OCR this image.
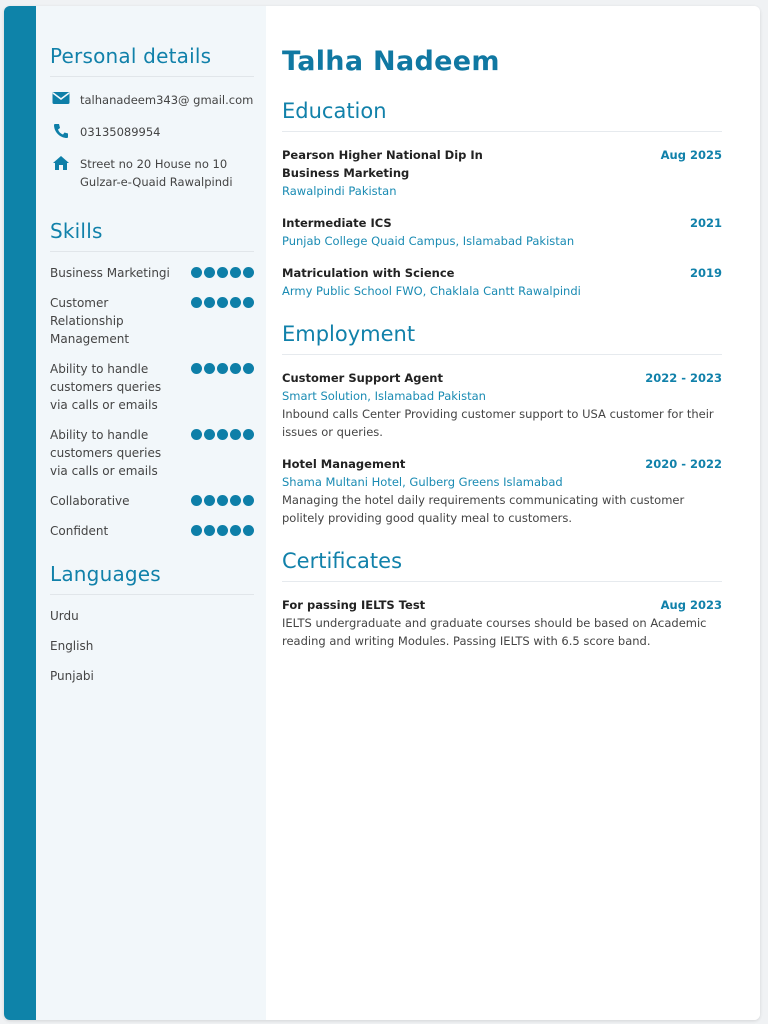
Personal details
talhanadeem343@ gmail.com
03135089954
Street no 20 House no 10 Gulzar-e-Quaid Rawalpindi
Skills
Business Marketingi
Customer Relationship Management
Ability to handle customers queries via calls or emails
Ability to handle customers queries via calls or emails
Collaborative
Confident
Languages
Urdu
English
Punjabi
Talha Nadeem
Education
Pearson Higher National Dip In Business Marketing
Aug 2025
Rawalpindi Pakistan
Intermediate ICS	2021
Punjab College Quaid Campus, Islamabad Pakistan
Matriculation with Science	2019
Army Public School FWO, Chaklala Cantt Rawalpindi
Employment
Customer Support Agent	2022 - 2023
Smart Solution, Islamabad Pakistan
Inbound calls Center Providing customer support to USA customer for their issues or queries.
Hotel Management	2020 - 2022
Shama Multani Hotel, Gulberg Greens Islamabad
Managing the hotel daily requirements communicating with customer politely providing good quality meal to customers.
Certificates
For passing IELTS Test	Aug 2023
IELTS undergraduate and graduate courses should be based on Academic reading and writing Modules. Passing IELTS with 6.5 score band.
